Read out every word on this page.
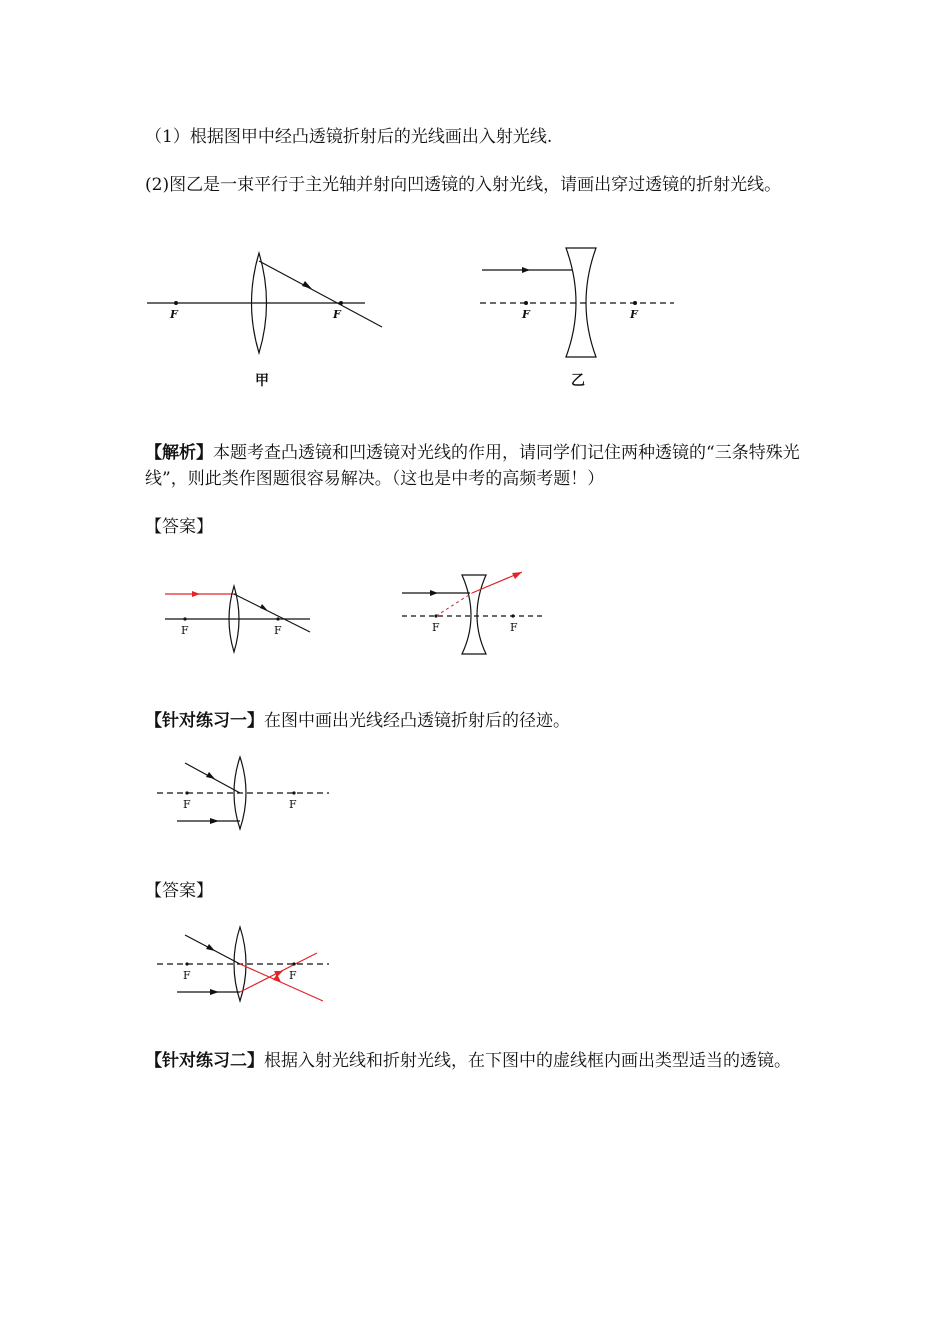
（1）根据图甲中经凸透镜折射后的光线画出入射光线.
(2)图乙是一束平行于主光轴并射向凹透镜的入射光线，请画出穿过透镜的折射光线。
F	F
甲
F	F
乙
【解析】本题考查凸透镜和凹透镜对光线的作用，请同学们记住两种透镜的“三条特殊光线”，则此类作图题很容易解决。（这也是中考的高频考题！）
【答案】
F	F	F	F
【针对练习一】在图中画出光线经凸透镜折射后的径迹。
F	F
【答案】
F	F
【针对练习二】根据入射光线和折射光线，在下图中的虚线框内画出类型适当的透镜。
